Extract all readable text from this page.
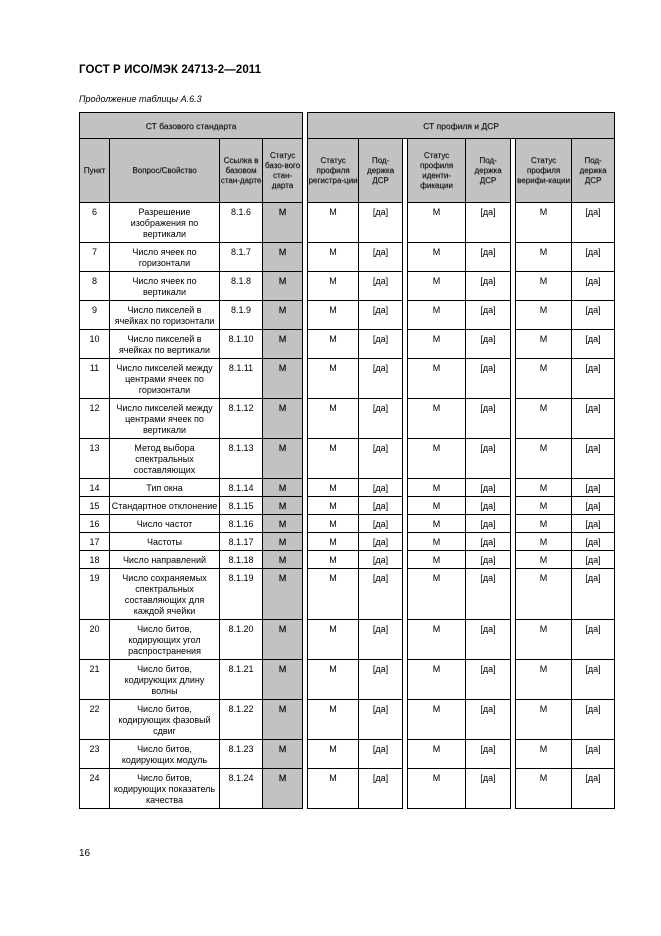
ГОСТ Р ИСО/МЭК 24713-2—2011
Продолжение таблицы А.6.3
СТ базового стандарта					СТ профиля и ДСР							
Пункт	Вопрос/Свойство	Ссылка в базовом стан-дарте	Статус базо-вого стан-дарта		Статус профиля регистра-ции	Под-держка ДСР		Статус профиля иденти-фикации	Под-держка ДСР		Статус профиля верифи-кации	Под-держка ДСР
6	Разрешение изображения по вертикали	8.1.6	М		М	[да]		М	[да]		М	[да]
7	Число ячеек по горизонтали	8.1.7	М		М	[да]		М	[да]		М	[да]
8	Число ячеек по вертикали	8.1.8	М		М	[да]		М	[да]		М	[да]
9	Число пикселей в ячейках по горизонтали	8.1.9	М		М	[да]		М	[да]		М	[да]
10	Число пикселей в ячейках по вертикали	8.1.10	М		М	[да]		М	[да]		М	[да]
11	Число пикселей между центрами ячеек по горизонтали	8.1.11	М		М	[да]		М	[да]		М	[да]
12	Число пикселей между центрами ячеек по вертикали	8.1.12	М		М	[да]		М	[да]		М	[да]
13	Метод выбора спектральных составляющих	8.1.13	М		М	[да]		М	[да]		М	[да]
14	Тип окна	8.1.14	М		М	[да]		М	[да]		М	[да]
15	Стандартное отклонение	8.1.15	М		М	[да]		М	[да]		М	[да]
16	Число частот	8.1.16	М		М	[да]		М	[да]		М	[да]
17	Частоты	8.1.17	М		М	[да]		М	[да]		М	[да]
18	Число направлений	8.1.18	М		М	[да]		М	[да]		М	[да]
19	Число сохраняемых спектральных составляющих для каждой ячейки	8.1.19	М		М	[да]		М	[да]		М	[да]
20	Число битов, кодирующих угол распространения	8.1.20	М		М	[да]		М	[да]		М	[да]
21	Число битов, кодирующих длину волны	8.1.21	М		М	[да]		М	[да]		М	[да]
22	Число битов, кодирующих фазовый сдвиг	8.1.22	М		М	[да]		М	[да]		М	[да]
23	Число битов, кодирующих модуль	8.1.23	М		М	[да]		М	[да]		М	[да]
24	Число битов, кодирующих показатель качества	8.1.24	М		М	[да]		М	[да]		М	[да]
16
